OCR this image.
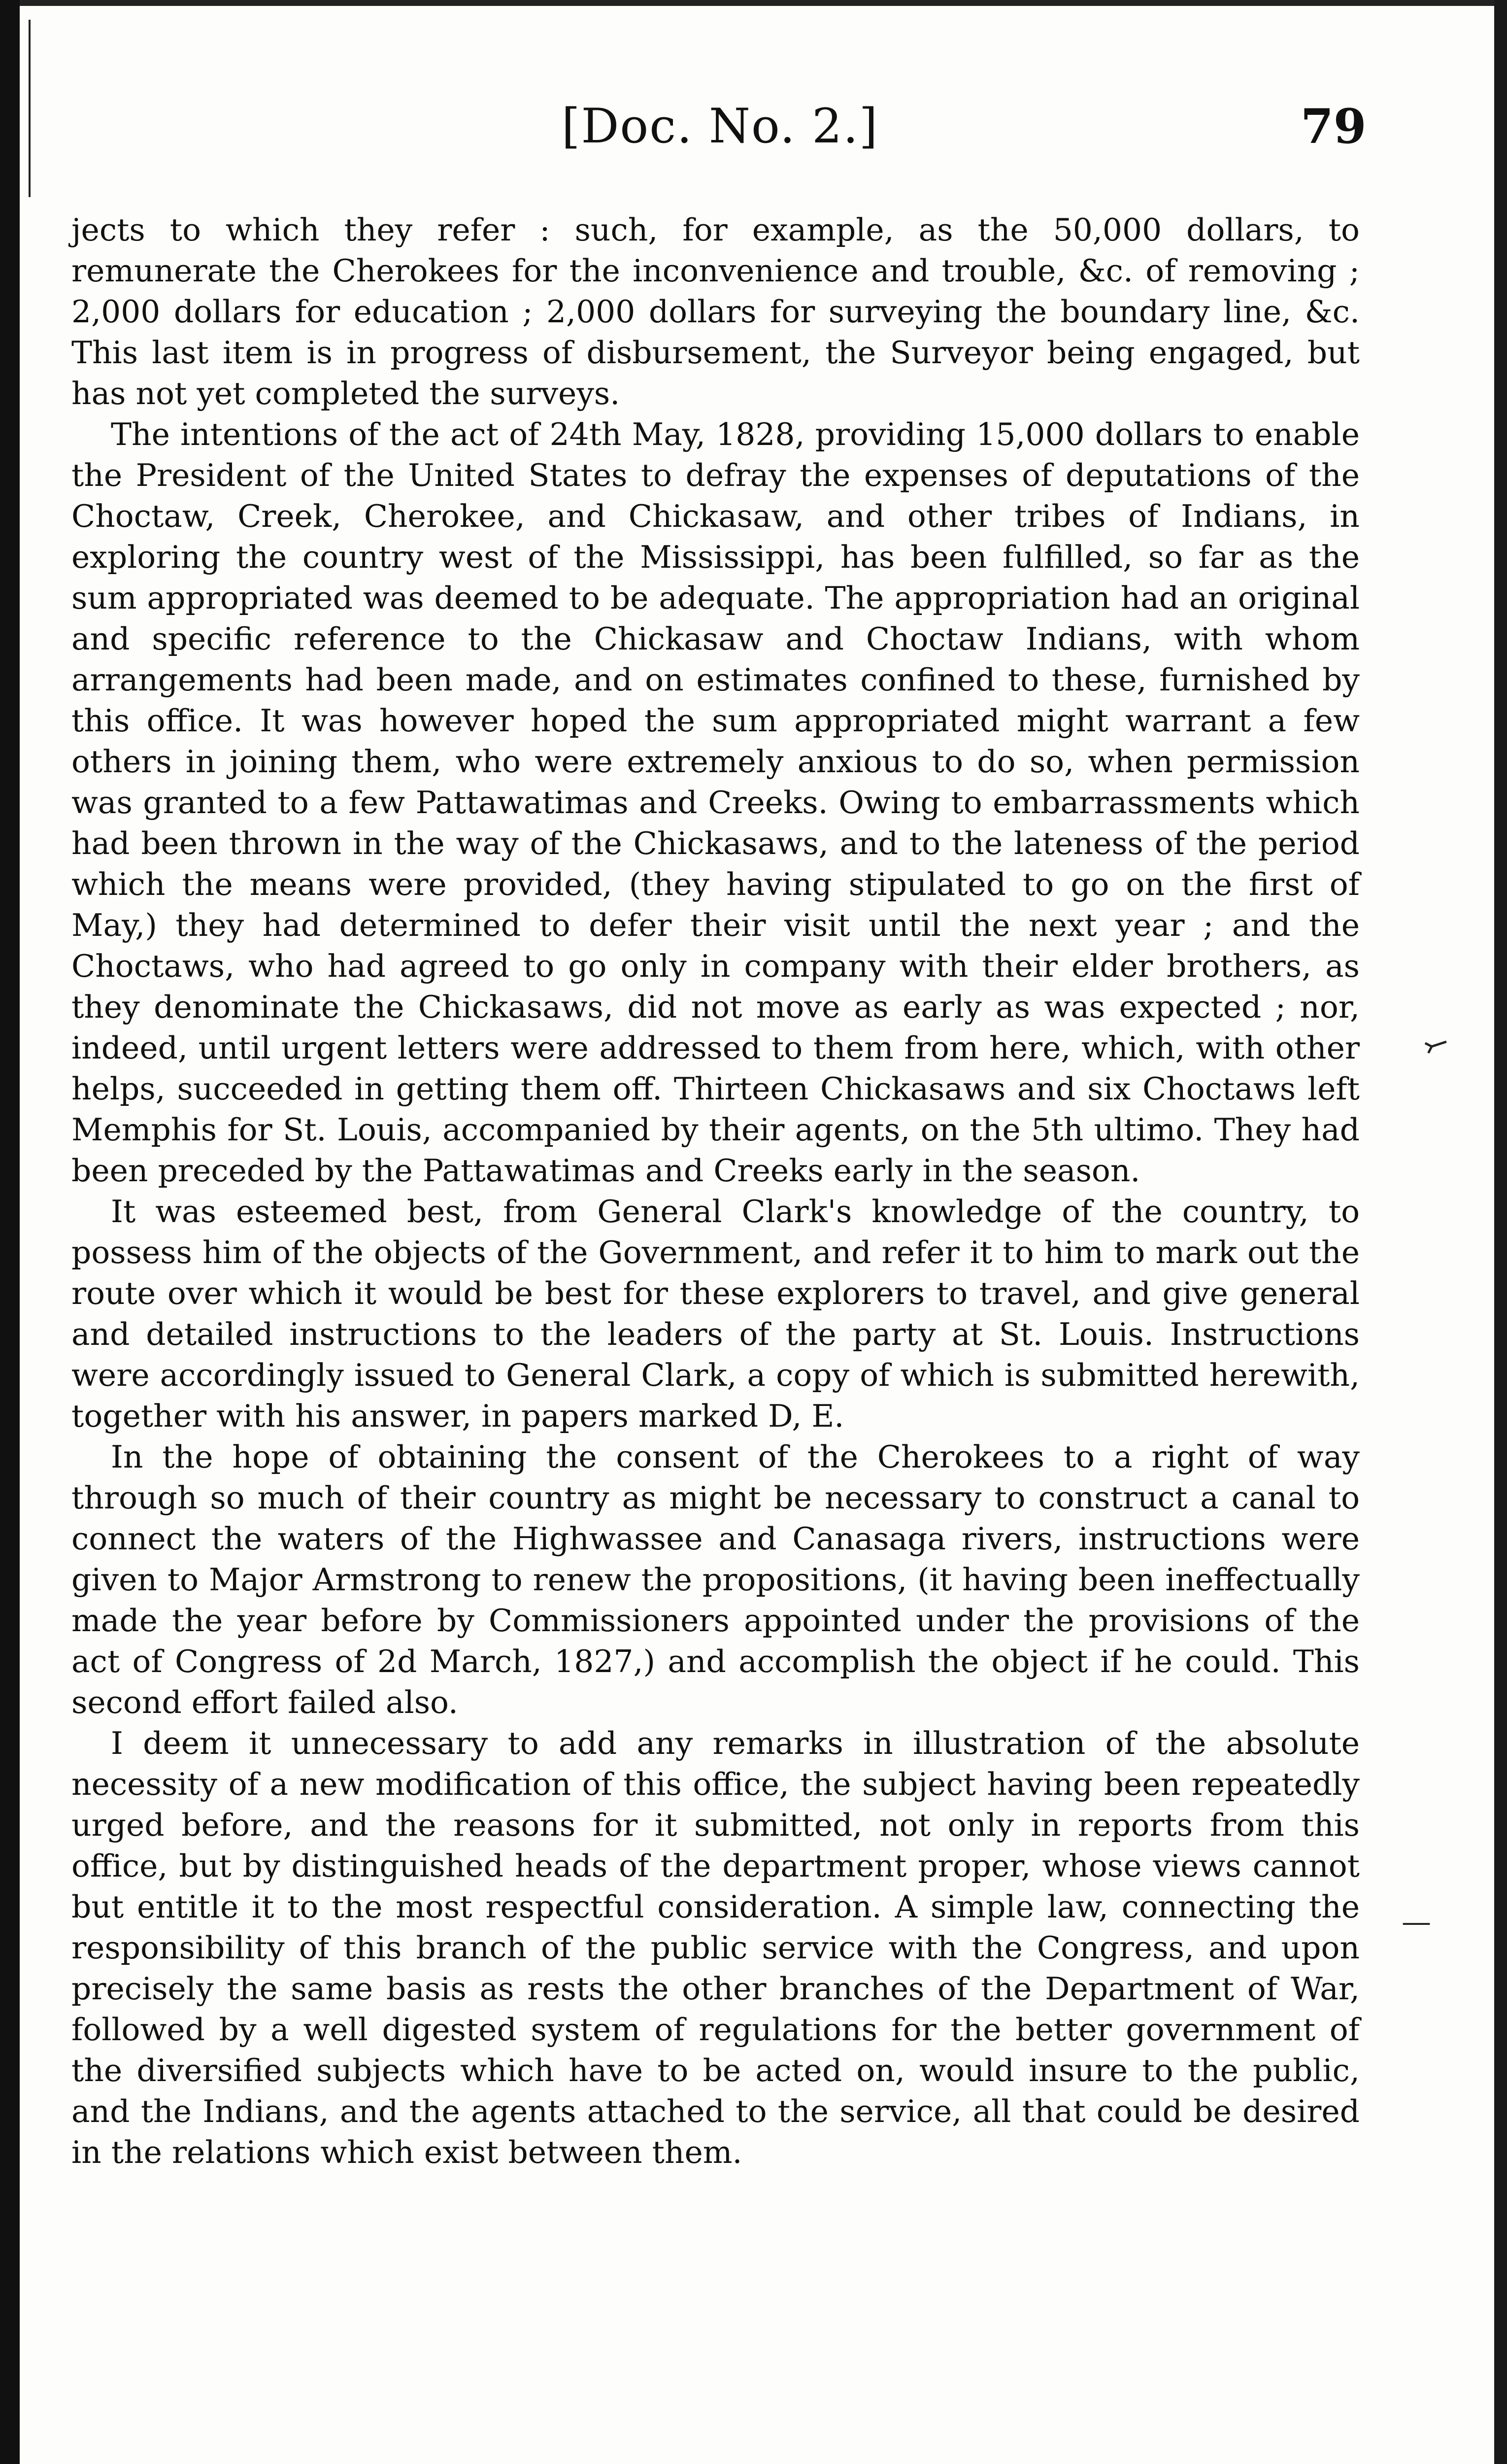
[Doc. No. 2.]	79

jects to which they refer : such, for example, as the 50,000 dollars, to remunerate the Cherokees for the inconvenience and trouble, &c. of removing ; 2,000 dollars for education ; 2,000 dollars for surveying the boundary line, &c. This last item is in progress of disbursement, the Surveyor being engaged, but has not yet completed the surveys.

The intentions of the act of 24th May, 1828, providing 15,000 dollars to enable the President of the United States to defray the expenses of deputations of the Choctaw, Creek, Cherokee, and Chickasaw, and other tribes of Indians, in exploring the country west of the Mississippi, has been fulfilled, so far as the sum appropriated was deemed to be adequate. The appropriation had an original and specific reference to the Chickasaw and Choctaw Indians, with whom arrangements had been made, and on estimates confined to these, furnished by this office. It was however hoped the sum appropriated might warrant a few others in joining them, who were extremely anxious to do so, when permission was granted to a few Pattawatimas and Creeks. Owing to embarrassments which had been thrown in the way of the Chickasaws, and to the lateness of the period which the means were provided, (they having stipulated to go on the first of May,) they had determined to defer their visit until the next year ; and the Choctaws, who had agreed to go only in company with their elder brothers, as they denominate the Chickasaws, did not move as early as was expected ; nor, indeed, until urgent letters were addressed to them from here, which, with other helps, succeeded in getting them off. Thirteen Chickasaws and six Choctaws left Memphis for St. Louis, accompanied by their agents, on the 5th ultimo. They had been preceded by the Pattawatimas and Creeks early in the season.

It was esteemed best, from General Clark's knowledge of the country, to possess him of the objects of the Government, and refer it to him to mark out the route over which it would be best for these explorers to travel, and give general and detailed instructions to the leaders of the party at St. Louis. Instructions were accordingly issued to General Clark, a copy of which is submitted herewith, together with his answer, in papers marked D, E.

In the hope of obtaining the consent of the Cherokees to a right of way through so much of their country as might be necessary to construct a canal to connect the waters of the Highwassee and Canasaga rivers, instructions were given to Major Armstrong to renew the propositions, (it having been ineffectually made the year before by Commissioners appointed under the provisions of the act of Congress of 2d March, 1827,) and accomplish the object if he could. This second effort failed also.

I deem it unnecessary to add any remarks in illustration of the absolute necessity of a new modification of this office, the subject having been repeatedly urged before, and the reasons for it submitted, not only in reports from this office, but by distinguished heads of the department proper, whose views cannot but entitle it to the most respectful consideration. A simple law, connecting the responsibility of this branch of the public service with the Congress, and upon precisely the same basis as rests the other branches of the Department of War, followed by a well digested system of regulations for the better government of the diversified subjects which have to be acted on, would insure to the public, and the Indians, and the agents attached to the service, all that could be desired in the relations which exist between them.

⤚
—
